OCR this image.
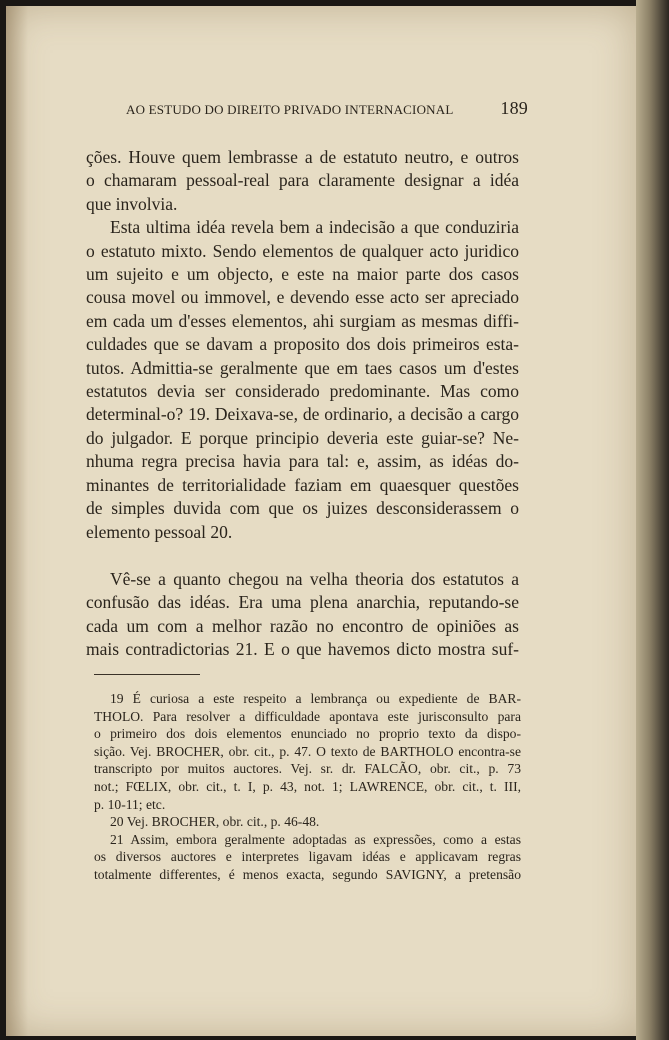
AO ESTUDO DO DIREITO PRIVADO INTERNACIONAL	189
ções. Houve quem lembrasse a de estatuto neutro, e outros
o chamaram pessoal-real para claramente designar a idéa
que involvia.
Esta ultima idéa revela bem a indecisão a que conduziria
o estatuto mixto. Sendo elementos de qualquer acto juridico
um sujeito e um objecto, e este na maior parte dos casos
cousa movel ou immovel, e devendo esse acto ser apreciado
em cada um d'esses elementos, ahi surgiam as mesmas diffi-
culdades que se davam a proposito dos dois primeiros esta-
tutos. Admittia-se geralmente que em taes casos um d'estes
estatutos devia ser considerado predominante. Mas como
determinal-o? 19. Deixava-se, de ordinario, a decisão a cargo
do julgador. E porque principio deveria este guiar-se? Ne-
nhuma regra precisa havia para tal: e, assim, as idéas do-
minantes de territorialidade faziam em quaesquer questões
de simples duvida com que os juizes desconsiderassem o
elemento pessoal 20.
Vê-se a quanto chegou na velha theoria dos estatutos a
confusão das idéas. Era uma plena anarchia, reputando-se
cada um com a melhor razão no encontro de opiniões as
mais contradictorias 21. E o que havemos dicto mostra suf-
19 É curiosa a este respeito a lembrança ou expediente de BAR-
THOLO. Para resolver a difficuldade apontava este jurisconsulto para
o primeiro dos dois elementos enunciado no proprio texto da dispo-
sição. Vej. BROCHER, obr. cit., p. 47. O texto de BARTHOLO encontra-se
transcripto por muitos auctores. Vej. sr. dr. FALCÃO, obr. cit., p. 73
not.; FŒLIX, obr. cit., t. I, p. 43, not. 1; LAWRENCE, obr. cit., t. III,
p. 10-11; etc.
20 Vej. BROCHER, obr. cit., p. 46-48.
21 Assim, embora geralmente adoptadas as expressões, como a estas
os diversos auctores e interpretes ligavam idéas e applicavam regras
totalmente differentes, é menos exacta, segundo SAVIGNY, a pretensão
